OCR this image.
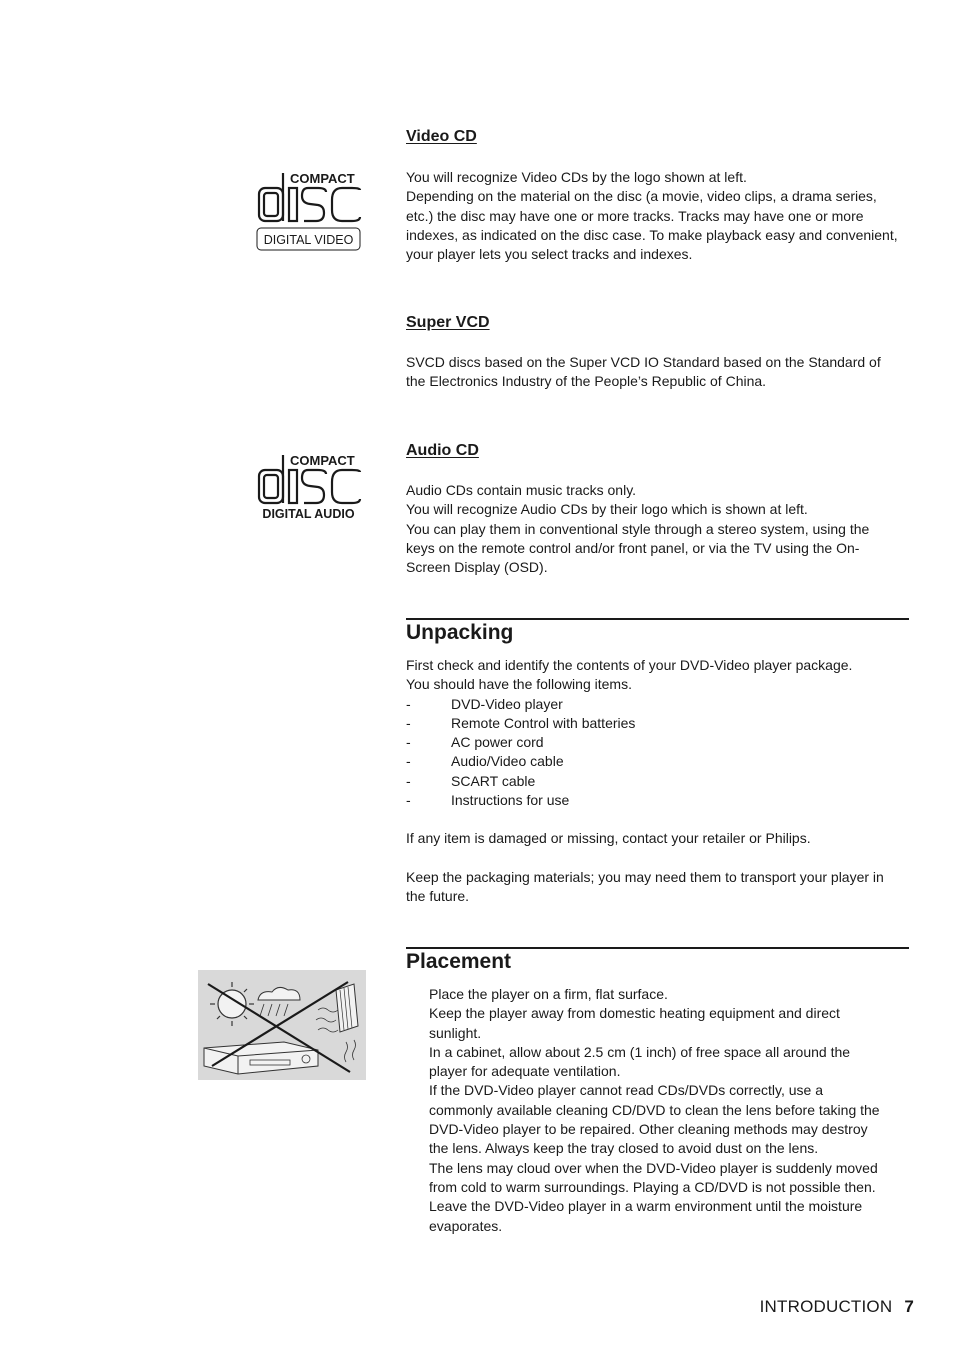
Video CD

You will recognize Video CDs by the logo shown at left.

Depending on the material on the disc (a movie, video clips, a drama series,

etc.) the disc may have one or more tracks. Tracks may have one or more

indexes, as indicated on the disc case. To make playback easy and convenient,

your player lets you select tracks and indexes.

COMPACT
DIGITAL VIDEO
Super VCD

SVCD discs based on the Super VCD IO Standard based on the Standard of

the Electronics Industry of the People’s Republic of China.

Audio CD

Audio CDs contain music tracks only.

You will recognize Audio CDs by their logo which is shown at left.

You can play them in conventional style through a stereo system, using the

keys on the remote control and/or front panel, or via the TV using the On-

Screen Display (OSD).

COMPACT
DIGITAL AUDIO
Unpacking

First check and identify the contents of your DVD-Video player package.

You should have the following items.

-	DVD-Video player
-	Remote Control with batteries
-	AC power cord
-	Audio/Video cable
-	SCART cable
-	Instructions for use

If any item is damaged or missing, contact your retailer or Philips.

Keep the packaging materials; you may need them to transport your player in

the future.

Placement

Place the player on a firm, flat surface.

Keep the player away from domestic heating equipment and direct

sunlight.

In a cabinet, allow about 2.5 cm (1 inch) of free space all around the

player for adequate ventilation.

If the DVD-Video player cannot read CDs/DVDs correctly, use a

commonly available cleaning CD/DVD to clean the lens before taking the

DVD-Video player to be repaired. Other cleaning methods may destroy

the lens. Always keep the tray closed to avoid dust on the lens.

The lens may cloud over when the DVD-Video player is suddenly moved

from cold to warm surroundings. Playing a CD/DVD is not possible then.

Leave the DVD-Video player in a warm environment until the moisture

evaporates.

INTRODUCTION 7
